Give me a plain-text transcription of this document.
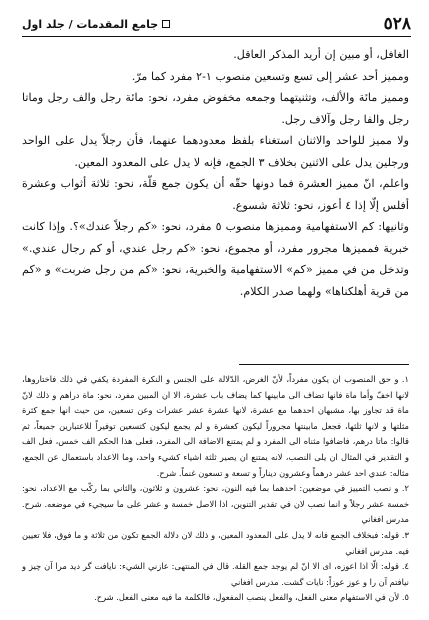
٥٢٨
جامع المقدمات / جلد اول

الغافل، أو مبين إن أريد المذكر العاقل.

ومميز أحد عشر إلى تسع وتسعين منصوب ١-٢ مفرد كما مرّ.

ومميز مائة والألف، وتثنيتهما وجمعه مخفوض مفرد، نحو: مائة رجل والف رجل وماتا رجل والفا رجل وآلاف رجل.

ولا مميز للواحد والاثنان استغناء بلفظ معدودهما عنهما، فأن رجلاً يدل على الواحد ورجلين يدل على الاثنين بخلاف ٣ الجمع، فإنه لا يدل على المعدود المعين.

واعلم، انّ مميز العشرة فما دونها حقّه أن يكون جمع قلّة، نحو: ثلاثة أثواب وعشرة أفلس إلّا إذا ٤ أعوز، نحو: ثلاثة شسوع.

وثانيها: كم الاستفهامية ومميزها منصوب ٥ مفرد، نحو: «كم رجلاً عندك»؟. وإذا كانت خبرية فمميزها مجرور مفرد، أو مجموع، نحو: «كم رجل عندي، أو كم رجال عندي.» وتدخل من في مميز «كم» الاستفهامية والخبرية، نحو: «كم من رجل ضربت» و «كم من قرية أهلكناها» ولهما صدر الكلام.

١. و حق المنصوب ان يكون مفرداً، لأنّ الغرض، الدّلالة على الجنس و النكرة المفردة يكفي في ذلك فاختاروها، لانها اخفّ وأما ماة فانها تضاف الى مابينها كما يضاف باب عشرة، الا ان المبين مفرد، نحو: ماة دراهم و ذلك لانّ ماة قد تجاوز بها، مشبهان احدهما مع عشرة، لانها عشرة عشر عشرات وعن تسعين، من حيث انها جمع كثرة مثلتها و لانها ثلثها، فجعل مابينتها مجروراً ليكون كعشرة و لم يجمع ليكون كتسعين توفيراً للاعتبارين جميعاً، ثم قالوا: ماتا درهم، فاضافوا مثناه الى المفرد و لم يمتنع الاضافة الى المفرد، فعلى هذا الحكم الف خمس، فعل الف و التقدير في المثال ان يلى النصب، لانه يمتنع ان يصير ثلثة اشياء كشيء واحد، وما الاعداد باستعمال عن الجمع، مثاله: عندي احد عشر درهماً وعشرون ديناراً و تسعة و تسعون غنماً. شرح.

٢. و نصب التمييز في موضعين: احدهما بما فيه النون، نحو: عشرون و ثلاثون، والثاني بما ركّب مع الاعداد، نحو: خمسة عشر رجلاً و انما نصب لان في تقدير التنوين، اذا الاصل خمسة و عشر على ما سيجيء في موضعه. شرح. مدرس افغاني

٣. قوله: فبخلاف الجمع فانه لا يدل على المعدود المعين، و ذلك لان دلالة الجمع تكون من ثلاثة و ما فوق، فلا تعيين فيه. مدرس افغاني

٤. قوله: الّا اذا اعوزه، اى الا انّ لم يوجد جمع القلة. قال في المنتهى: عازني الشيء: نايافت گر ديد مرا آن چيز و نيافتم آن را و عوز عوزاً: نايات گشت. مدرس افغاني

٥. لأن في الاستفهام معنى الفعل، والفعل ينصب المفعول، فالكلمة ما فيه معنى الفعل. شرح.
